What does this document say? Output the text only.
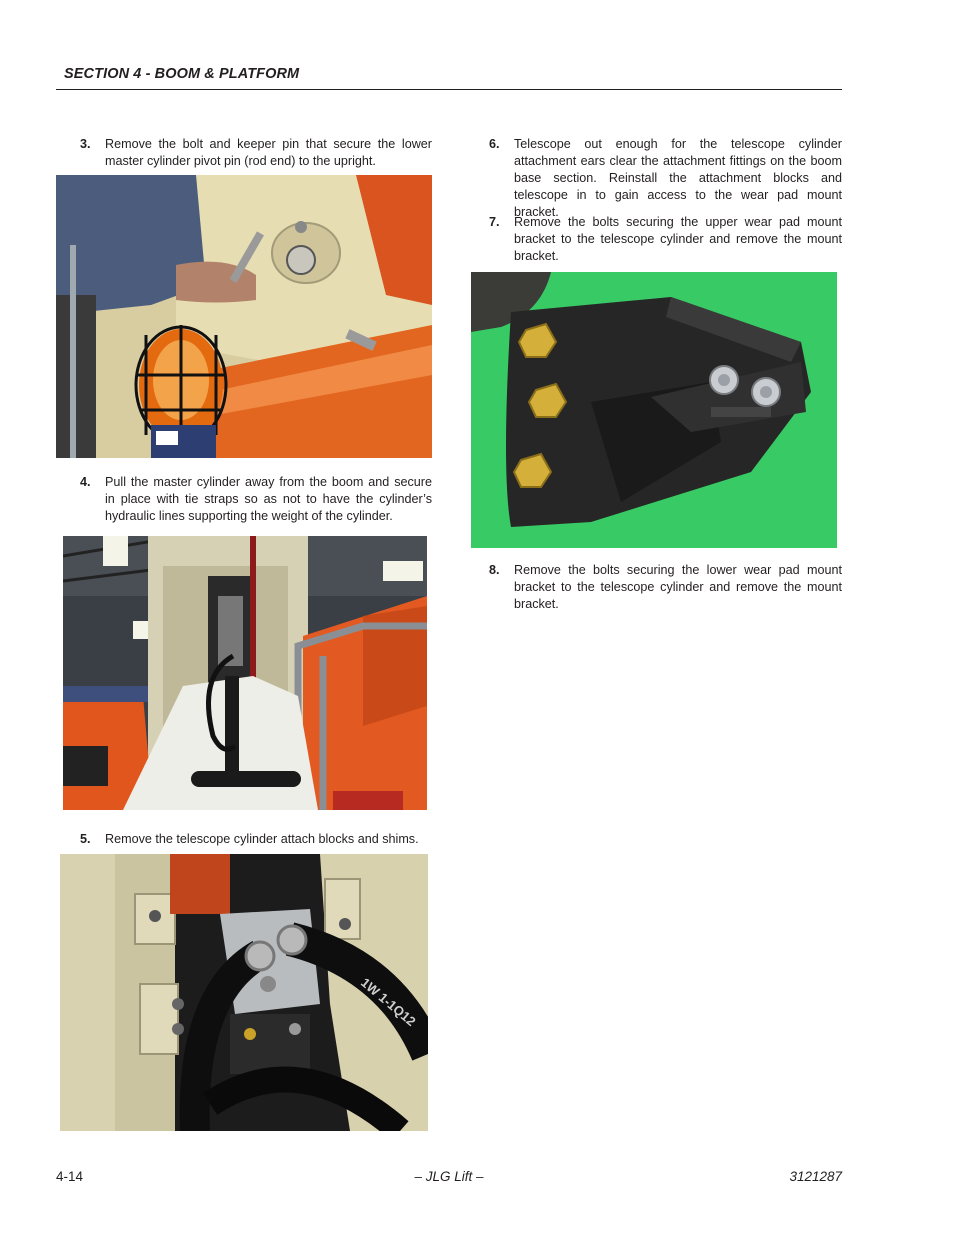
SECTION 4 - BOOM & PLATFORM
3. Remove the bolt and keeper pin that secure the lower master cylinder pivot pin (rod end) to the upright.
4. Pull the master cylinder away from the boom and secure in place with tie straps so as not to have the cylinder’s hydraulic lines supporting the weight of the cylinder.
5. Remove the telescope cylinder attach blocks and shims.
1W 1-1Q12
6. Telescope out enough for the telescope cylinder attachment ears clear the attachment fittings on the boom base section. Reinstall the attachment blocks and telescope in to gain access to the wear pad mount bracket.
7. Remove the bolts securing the upper wear pad mount bracket to the telescope cylinder and remove the mount bracket.
8. Remove the bolts securing the lower wear pad mount bracket to the telescope cylinder and remove the mount bracket.
4-14	– JLG Lift –	3121287
